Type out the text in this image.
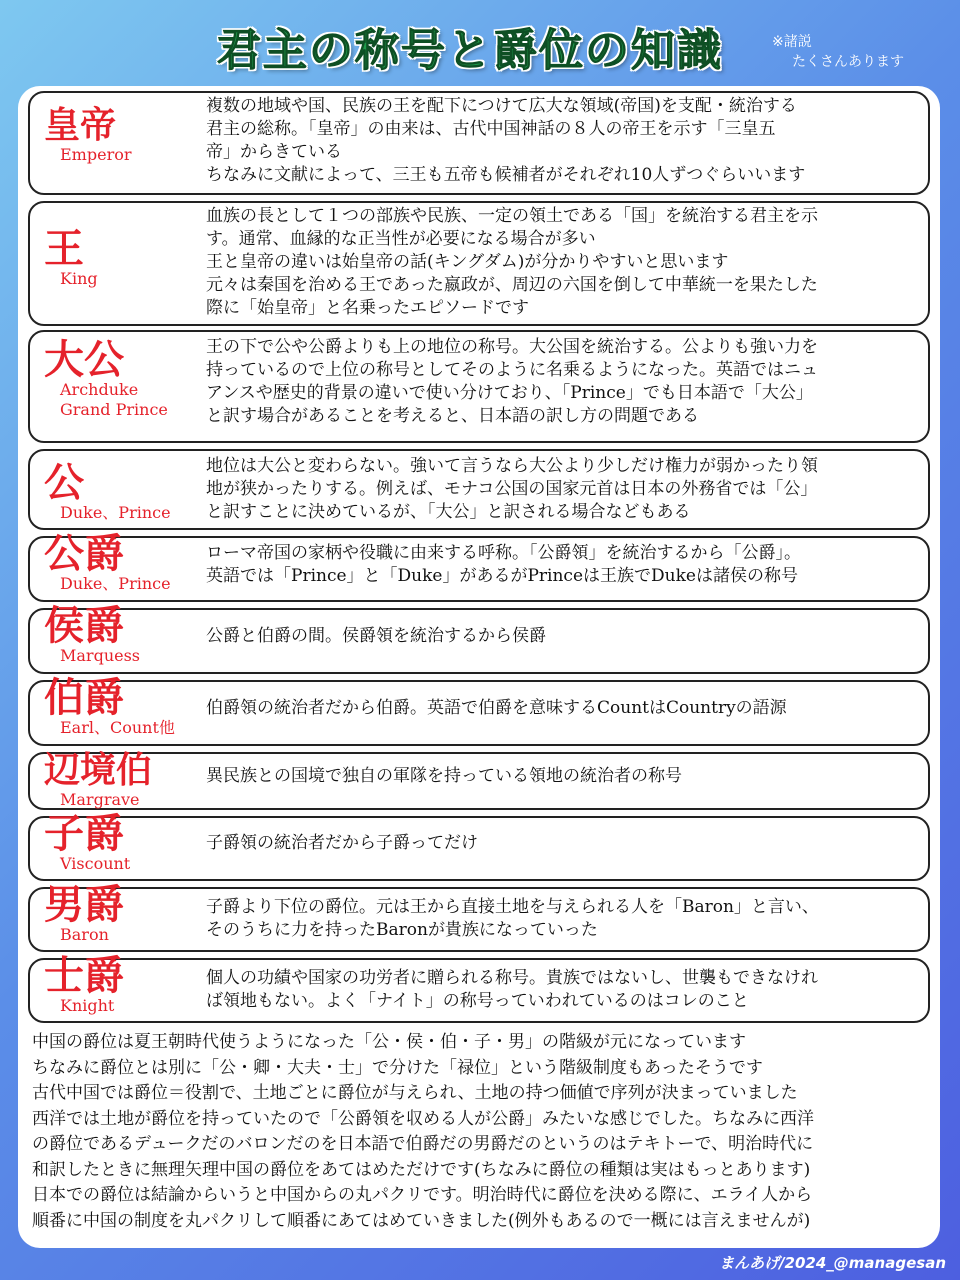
君主の称号と爵位の知識	※諸説
たくさんあります
皇帝
Emperor
複数の地域や国、民族の王を配下につけて広大な領域(帝国)を支配・統治する
君主の総称。「皇帝」の由来は、古代中国神話の８人の帝王を示す「三皇五
帝」からきている
ちなみに文献によって、三王も五帝も候補者がそれぞれ10人ずつぐらいいます
王
King
血族の長として１つの部族や民族、一定の領土である「国」を統治する君主を示
す。通常、血縁的な正当性が必要になる場合が多い
王と皇帝の違いは始皇帝の話(キングダム)が分かりやすいと思います
元々は秦国を治める王であった嬴政が、周辺の六国を倒して中華統一を果たした
際に「始皇帝」と名乗ったエピソードです
大公
Archduke
Grand Prince
王の下で公や公爵よりも上の地位の称号。大公国を統治する。公よりも強い力を
持っているので上位の称号としてそのように名乗るようになった。英語ではニュ
アンスや歴史的背景の違いで使い分けており、「Prince」でも日本語で「大公」
と訳す場合があることを考えると、日本語の訳し方の問題である
公
Duke、Prince
地位は大公と変わらない。強いて言うなら大公より少しだけ権力が弱かったり領
地が狭かったりする。例えば、モナコ公国の国家元首は日本の外務省では「公」
と訳すことに決めているが、「大公」と訳される場合などもある
公爵
Duke、Prince
ローマ帝国の家柄や役職に由来する呼称。「公爵領」を統治するから「公爵」。
英語では「Prince」と「Duke」があるがPrinceは王族でDukeは諸侯の称号
侯爵
Marquess
公爵と伯爵の間。侯爵領を統治するから侯爵
伯爵
Earl、Count他
伯爵領の統治者だから伯爵。英語で伯爵を意味するCountはCountryの語源
辺境伯
Margrave
異民族との国境で独自の軍隊を持っている領地の統治者の称号
子爵
Viscount
子爵領の統治者だから子爵ってだけ
男爵
Baron
子爵より下位の爵位。元は王から直接土地を与えられる人を「Baron」と言い、
そのうちに力を持ったBaronが貴族になっていった
士爵
Knight
個人の功績や国家の功労者に贈られる称号。貴族ではないし、世襲もできなけれ
ば領地もない。よく「ナイト」の称号っていわれているのはコレのこと
中国の爵位は夏王朝時代使うようになった「公・侯・伯・子・男」の階級が元になっています
ちなみに爵位とは別に「公・卿・大夫・士」で分けた「禄位」という階級制度もあったそうです
古代中国では爵位＝役割で、土地ごとに爵位が与えられ、土地の持つ価値で序列が決まっていました
西洋では土地が爵位を持っていたので「公爵領を収める人が公爵」みたいな感じでした。ちなみに西洋
の爵位であるデュークだのバロンだのを日本語で伯爵だの男爵だのというのはテキトーで、明治時代に
和訳したときに無理矢理中国の爵位をあてはめただけです(ちなみに爵位の種類は実はもっとあります)
日本での爵位は結論からいうと中国からの丸パクリです。明治時代に爵位を決める際に、エライ人から
順番に中国の制度を丸パクリして順番にあてはめていきました(例外もあるので一概には言えませんが)
まんあげ/2024_@managesan
